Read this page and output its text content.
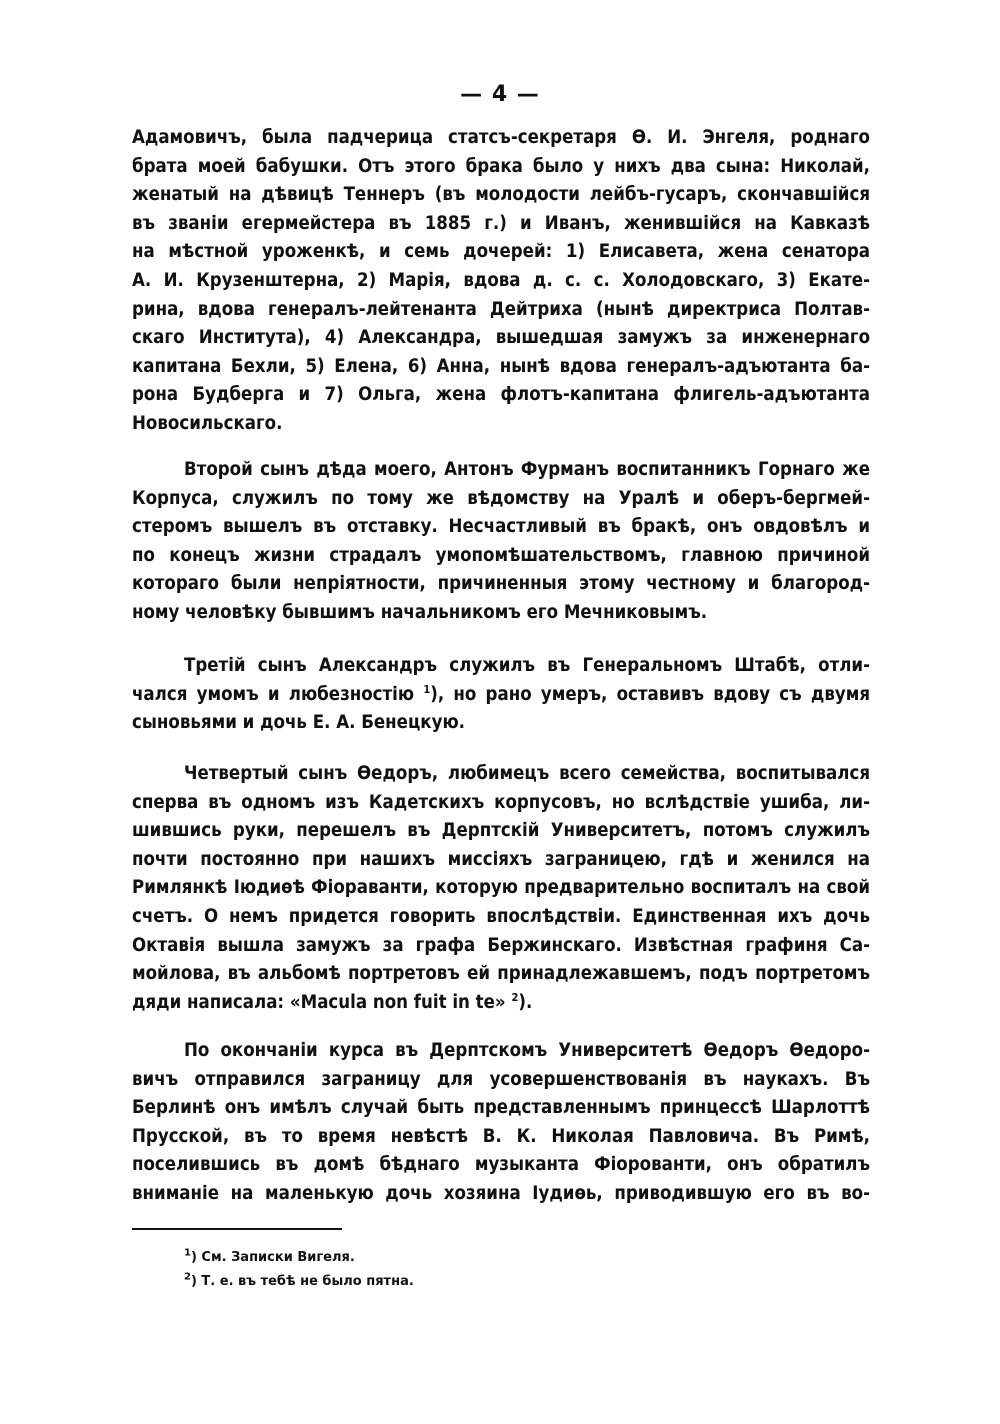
— 4 —
Адамовичъ, была падчерица статсъ-секретаря Ѳ. И. Энгеля, роднаго
брата моей бабушки. Отъ этого брака было у нихъ два сына: Николай,
женатый на дѣвицѣ Теннеръ (въ молодости лейбъ-гусаръ, скончавшійся
въ званіи егермейстера въ 1885 г.) и Иванъ, женившійся на Кавказѣ
на мѣстной уроженкѣ, и семь дочерей: 1) Елисавета, жена сенатора
А. И. Крузенштерна, 2) Марія, вдова д. с. с. Холодовскаго, 3) Екате-
рина, вдова генералъ-лейтенанта Дейтриха (нынѣ директриса Полтав-
скаго Института), 4) Александра, вышедшая замужъ за инженернаго
капитана Бехли, 5) Елена, 6) Анна, нынѣ вдова генералъ-адъютанта ба-
рона Будберга и 7) Ольга, жена флотъ-капитана флигель-адъютанта
Новосильскаго.
Второй сынъ дѣда моего, Антонъ Фурманъ воспитанникъ Горнаго же
Корпуса, служилъ по тому же вѣдомству на Уралѣ и оберъ-бергмей-
стеромъ вышелъ въ отставку. Несчастливый въ бракѣ, онъ овдовѣлъ и
по конецъ жизни страдалъ умопомѣшательствомъ, главною причиной
котораго были непріятности, причиненныя этому честному и благород-
ному человѣку бывшимъ начальникомъ его Мечниковымъ.
Третій сынъ Александръ служилъ въ Генеральномъ Штабѣ, отли-
чался умомъ и любезностію $^1$), но рано умеръ, оставивъ вдову съ двумя
сыновьями и дочь Е. А. Бенецкую.
Четвертый сынъ Ѳедоръ, любимецъ всего семейства, воспитывался
сперва въ одномъ изъ Кадетскихъ корпусовъ, но вслѣдствіе ушиба, ли-
шившись руки, перешелъ въ Дерптскій Университетъ, потомъ служилъ
почти постоянно при нашихъ миссіяхъ заграницею, гдѣ и женился на
Римлянкѣ Іюдиѳѣ Фіораванти, которую предварительно воспиталъ на свой
счетъ. О немъ придется говорить впослѣдствіи. Единственная ихъ дочь
Октавія вышла замужъ за графа Бержинскаго. Извѣстная графиня Са-
мойлова, въ альбомѣ портретовъ ей принадлежавшемъ, подъ портретомъ
дяди написала: «Macula non fuit in te» $^2$).
По окончаніи курса въ Дерптскомъ Университетѣ Ѳедоръ Ѳедоро-
вичъ отправился заграницу для усовершенствованія въ наукахъ. Въ
Берлинѣ онъ имѣлъ случай быть представленнымъ принцессѣ Шарлоттѣ
Прусской, въ то время невѣстѣ В. К. Николая Павловича. Въ Римѣ,
поселившись въ домѣ бѣднаго музыканта Фіорованти, онъ обратилъ
вниманіе на маленькую дочь хозяина Іудиѳь, приводившую его въ во-
$^1$) См. Записки Вигеля.
$^2$) Т. е. въ тебѣ не было пятна.
